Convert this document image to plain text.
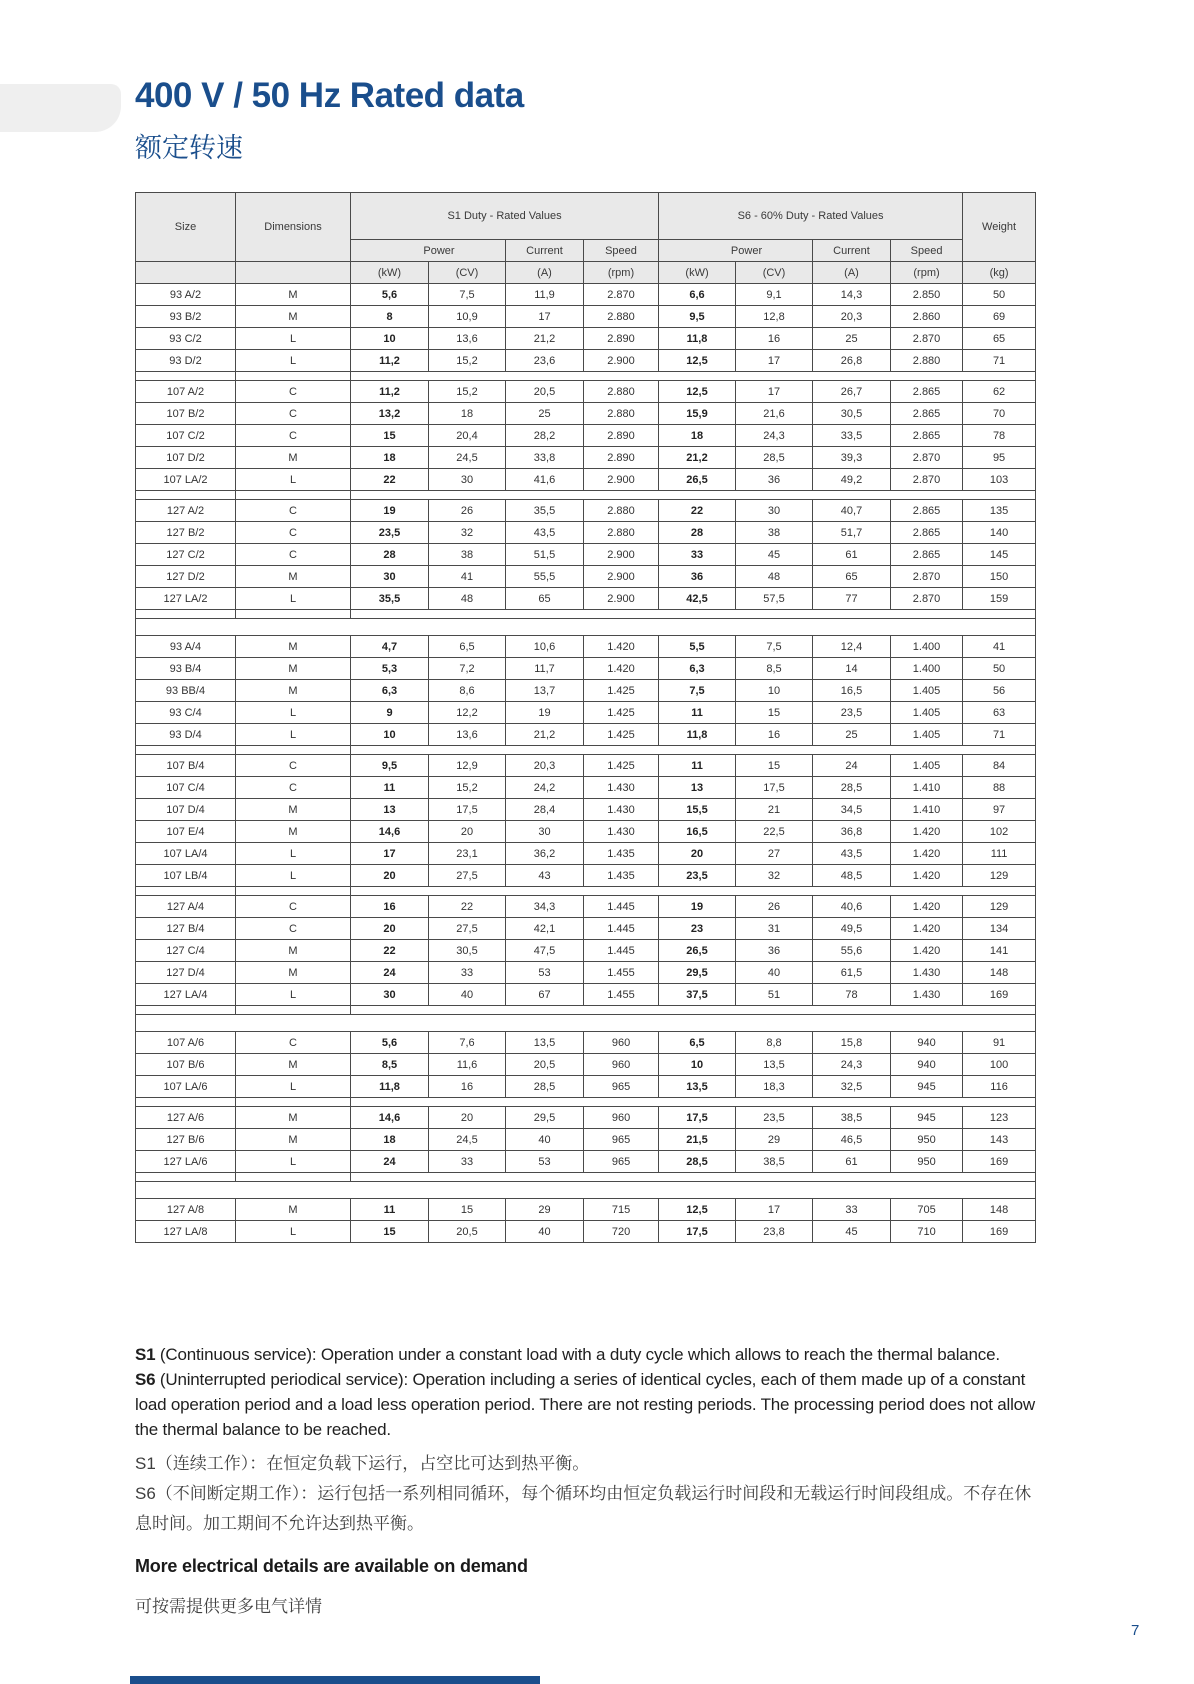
400 V / 50 Hz Rated data
额定转速
Size	Dimensions	S1 Duty - Rated Values				S6 - 60% Duty - Rated Values				Weight
		Power		Current	Speed	Power		Current	Speed	
		(kW)	(CV)	(A)	(rpm)	(kW)	(CV)	(A)	(rpm)	(kg)
93 A/2	M	5,6	7,5	11,9	2.870	6,6	9,1	14,3	2.850	50
93 B/2	M	8	10,9	17	2.880	9,5	12,8	20,3	2.860	69
93 C/2	L	10	13,6	21,2	2.890	11,8	16	25	2.870	65
93 D/2	L	11,2	15,2	23,6	2.900	12,5	17	26,8	2.880	71

107 A/2	C	11,2	15,2	20,5	2.880	12,5	17	26,7	2.865	62
107 B/2	C	13,2	18	25	2.880	15,9	21,6	30,5	2.865	70
107 C/2	C	15	20,4	28,2	2.890	18	24,3	33,5	2.865	78
107 D/2	M	18	24,5	33,8	2.890	21,2	28,5	39,3	2.870	95
107 LA/2	L	22	30	41,6	2.900	26,5	36	49,2	2.870	103

127 A/2	C	19	26	35,5	2.880	22	30	40,7	2.865	135
127 B/2	C	23,5	32	43,5	2.880	28	38	51,7	2.865	140
127 C/2	C	28	38	51,5	2.900	33	45	61	2.865	145
127 D/2	M	30	41	55,5	2.900	36	48	65	2.870	150
127 LA/2	L	35,5	48	65	2.900	42,5	57,5	77	2.870	159

93 A/4	M	4,7	6,5	10,6	1.420	5,5	7,5	12,4	1.400	41
93 B/4	M	5,3	7,2	11,7	1.420	6,3	8,5	14	1.400	50
93 BB/4	M	6,3	8,6	13,7	1.425	7,5	10	16,5	1.405	56
93 C/4	L	9	12,2	19	1.425	11	15	23,5	1.405	63
93 D/4	L	10	13,6	21,2	1.425	11,8	16	25	1.405	71

107 B/4	C	9,5	12,9	20,3	1.425	11	15	24	1.405	84
107 C/4	C	11	15,2	24,2	1.430	13	17,5	28,5	1.410	88
107 D/4	M	13	17,5	28,4	1.430	15,5	21	34,5	1.410	97
107 E/4	M	14,6	20	30	1.430	16,5	22,5	36,8	1.420	102
107 LA/4	L	17	23,1	36,2	1.435	20	27	43,5	1.420	111
107 LB/4	L	20	27,5	43	1.435	23,5	32	48,5	1.420	129

127 A/4	C	16	22	34,3	1.445	19	26	40,6	1.420	129
127 B/4	C	20	27,5	42,1	1.445	23	31	49,5	1.420	134
127 C/4	M	22	30,5	47,5	1.445	26,5	36	55,6	1.420	141
127 D/4	M	24	33	53	1.455	29,5	40	61,5	1.430	148
127 LA/4	L	30	40	67	1.455	37,5	51	78	1.430	169

107 A/6	C	5,6	7,6	13,5	960	6,5	8,8	15,8	940	91
107 B/6	M	8,5	11,6	20,5	960	10	13,5	24,3	940	100
107 LA/6	L	11,8	16	28,5	965	13,5	18,3	32,5	945	116

127 A/6	M	14,6	20	29,5	960	17,5	23,5	38,5	945	123
127 B/6	M	18	24,5	40	965	21,5	29	46,5	950	143
127 LA/6	L	24	33	53	965	28,5	38,5	61	950	169

127 A/8	M	11	15	29	715	12,5	17	33	705	148
127 LA/8	L	15	20,5	40	720	17,5	23,8	45	710	169
S1 (Continuous service): Operation under a constant load with a duty cycle which allows to reach the thermal balance.
S6 (Uninterrupted periodical service): Operation including a series of identical cycles, each of them made up of a constant load operation period and a load less operation period. There are not resting periods. The processing period does not allow the thermal balance to be reached.
S1（连续工作）：在恒定负载下运行，占空比可达到热平衡。
S6（不间断定期工作）：运行包括一系列相同循环，每个循环均由恒定负载运行时间段和无载运行时间段组成。不存在休息时间。加工期间不允许达到热平衡。
More electrical details are available on demand
可按需提供更多电气详情
7
